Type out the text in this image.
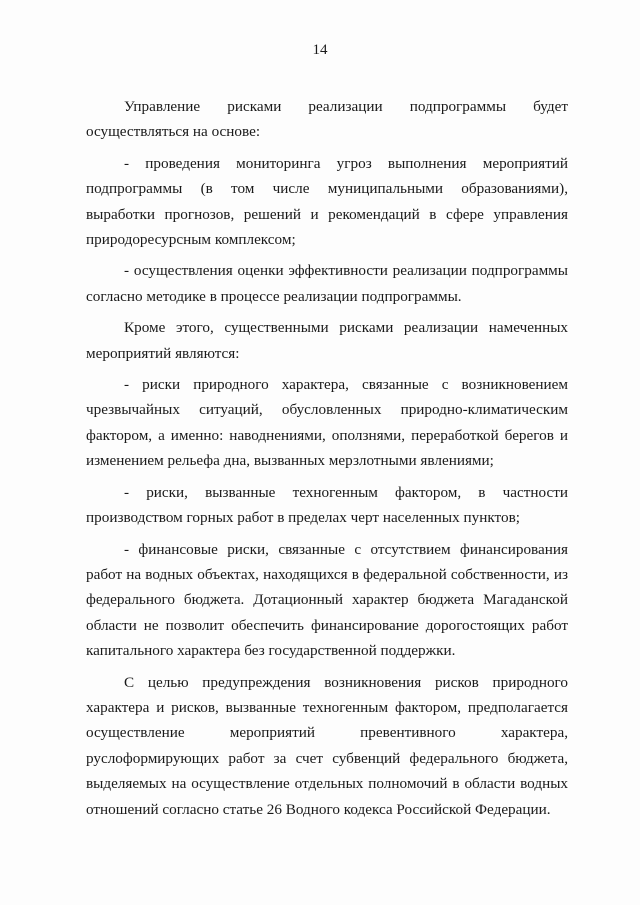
14

Управление рисками реализации подпрограммы будет осуществляться на основе:

- проведения мониторинга угроз выполнения мероприятий подпрограммы (в том числе муниципальными образованиями), выработки прогнозов, решений и рекомендаций в сфере управления природоресурсным комплексом;

- осуществления оценки эффективности реализации подпрограммы согласно методике в процессе реализации подпрограммы.

Кроме этого, существенными рисками реализации намеченных мероприятий являются:

- риски природного характера, связанные с возникновением чрезвычайных ситуаций, обусловленных природно-климатическим фактором, а именно: наводнениями, оползнями, переработкой берегов и изменением рельефа дна, вызванных мерзлотными явлениями;

- риски, вызванные техногенным фактором, в частности производством горных работ в пределах черт населенных пунктов;

- финансовые риски, связанные с отсутствием финансирования работ на водных объектах, находящихся в федеральной собственности, из федерального бюджета. Дотационный характер бюджета Магаданской области не позволит обеспечить финансирование дорогостоящих работ капитального характера без государственной поддержки.

С целью предупреждения возникновения рисков природного характера и рисков, вызванные техногенным фактором, предполагается осуществление мероприятий превентивного характера, руслоформирующих работ за счет субвенций федерального бюджета, выделяемых на осуществление отдельных полномочий в области водных отношений согласно статье 26 Водного кодекса Российской Федерации.
